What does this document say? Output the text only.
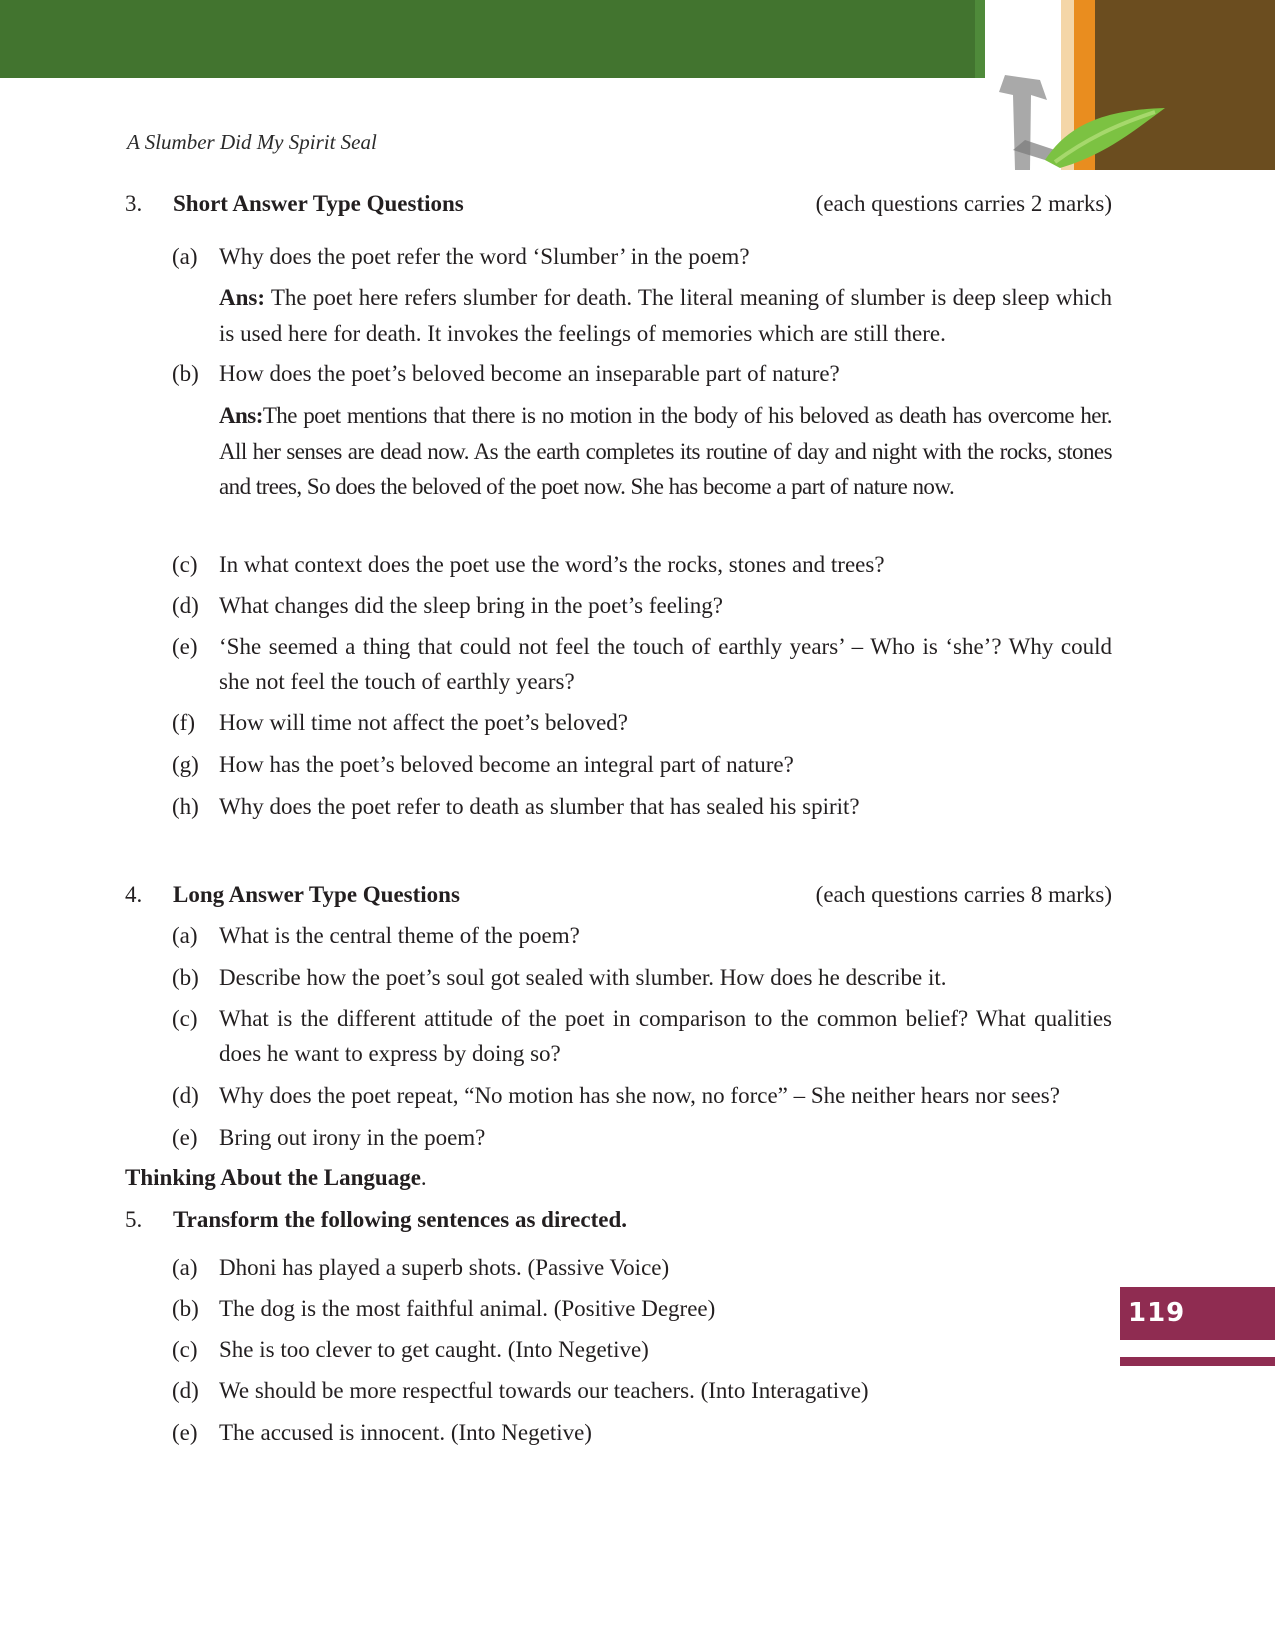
A Slumber Did My Spirit Seal
119
3. Short Answer Type Questions	(each questions carries 2 marks)
(a) Why does the poet refer the word ‘Slumber’ in the poem?
Ans: The poet here refers slumber for death. The literal meaning of slumber is deep sleep which is used here for death. It invokes the feelings of memories which are still there.
(b) How does the poet’s beloved become an inseparable part of nature?
Ans:The poet mentions that there is no motion in the body of his beloved as death has overcome her. All her senses are dead now. As the earth completes its routine of day and night with the rocks, stones and trees, So does the beloved of the poet now. She has become a part of nature now.
(c) In what context does the poet use the word’s the rocks, stones and trees?
(d) What changes did the sleep bring in the poet’s feeling?
(e) ‘She seemed a thing that could not feel the touch of earthly years’ – Who is ‘she’? Why could she not feel the touch of earthly years?
(f) How will time not affect the poet’s beloved?
(g) How has the poet’s beloved become an integral part of nature?
(h) Why does the poet refer to death as slumber that has sealed his spirit?
4. Long Answer Type Questions	(each questions carries 8 marks)
(a) What is the central theme of the poem?
(b) Describe how the poet’s soul got sealed with slumber. How does he describe it.
(c) What is the different attitude of the poet in comparison to the common belief? What qualities does he want to express by doing so?
(d) Why does the poet repeat, “No motion has she now, no force” – She neither hears nor sees?
(e) Bring out irony in the poem?
Thinking About the Language.
5. Transform the following sentences as directed.
(a) Dhoni has played a superb shots. (Passive Voice)
(b) The dog is the most faithful animal. (Positive Degree)
(c) She is too clever to get caught. (Into Negetive)
(d) We should be more respectful towards our teachers. (Into Interagative)
(e) The accused is innocent. (Into Negetive)
